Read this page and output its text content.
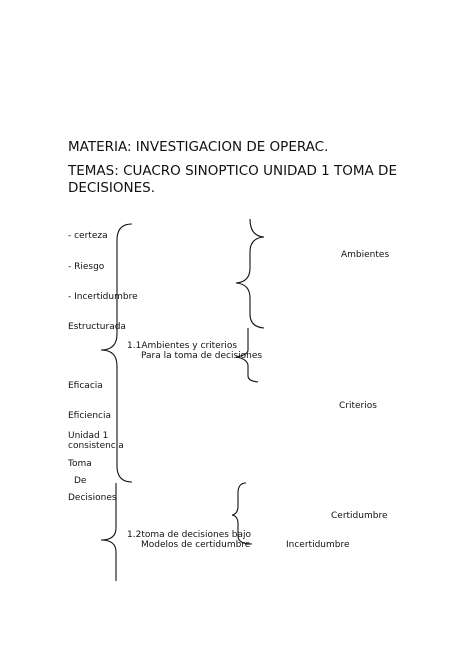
MATERIA: INVESTIGACION DE OPERAC.
TEMAS: CUACRO SINOPTICO UNIDAD 1 TOMA DE
DECISIONES.
- certeza
- Riesgo
- Incertidumbre
Estructurada
Eficacia
Eficiencia
Unidad 1
consistencia
Toma
De
Decisiones
1.1Ambientes y criterios
Para la toma de decisiones
1.2toma de decisiones bajo
Modelos de certidumbre
Ambientes
Criterios
Certidumbre
Incertidumbre
